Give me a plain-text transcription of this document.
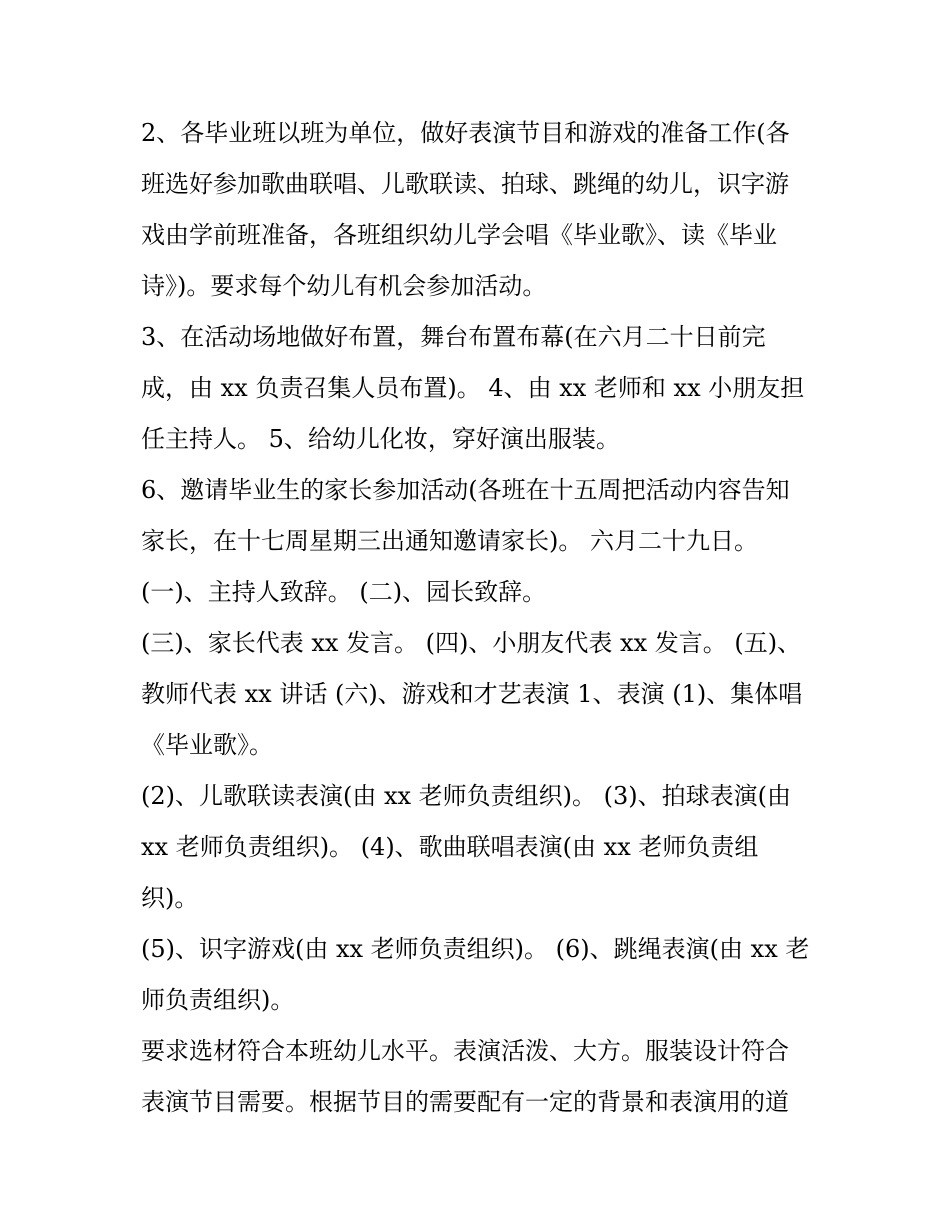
2、各毕业班以班为单位，做好表演节目和游戏的准备工作(各
班选好参加歌曲联唱、儿歌联读、拍球、跳绳的幼儿，识字游
戏由学前班准备，各班组织幼儿学会唱《毕业歌》、读《毕业
诗》)。要求每个幼儿有机会参加活动。
3、在活动场地做好布置，舞台布置布幕(在六月二十日前完
成，由 xx 负责召集人员布置)。 4、由 xx 老师和 xx 小朋友担
任主持人。 5、给幼儿化妆，穿好演出服装。
6、邀请毕业生的家长参加活动(各班在十五周把活动内容告知
家长，在十七周星期三出通知邀请家长)。 六月二十九日。
(一)、主持人致辞。 (二)、园长致辞。
(三)、家长代表 xx 发言。 (四)、小朋友代表 xx 发言。 (五)、
教师代表 xx 讲话 (六)、游戏和才艺表演 1、表演 (1)、集体唱
《毕业歌》。
(2)、儿歌联读表演(由 xx 老师负责组织)。 (3)、拍球表演(由
xx 老师负责组织)。 (4)、歌曲联唱表演(由 xx 老师负责组
织)。
(5)、识字游戏(由 xx 老师负责组织)。 (6)、跳绳表演(由 xx 老
师负责组织)。
要求选材符合本班幼儿水平。表演活泼、大方。服装设计符合
表演节目需要。根据节目的需要配有一定的背景和表演用的道
